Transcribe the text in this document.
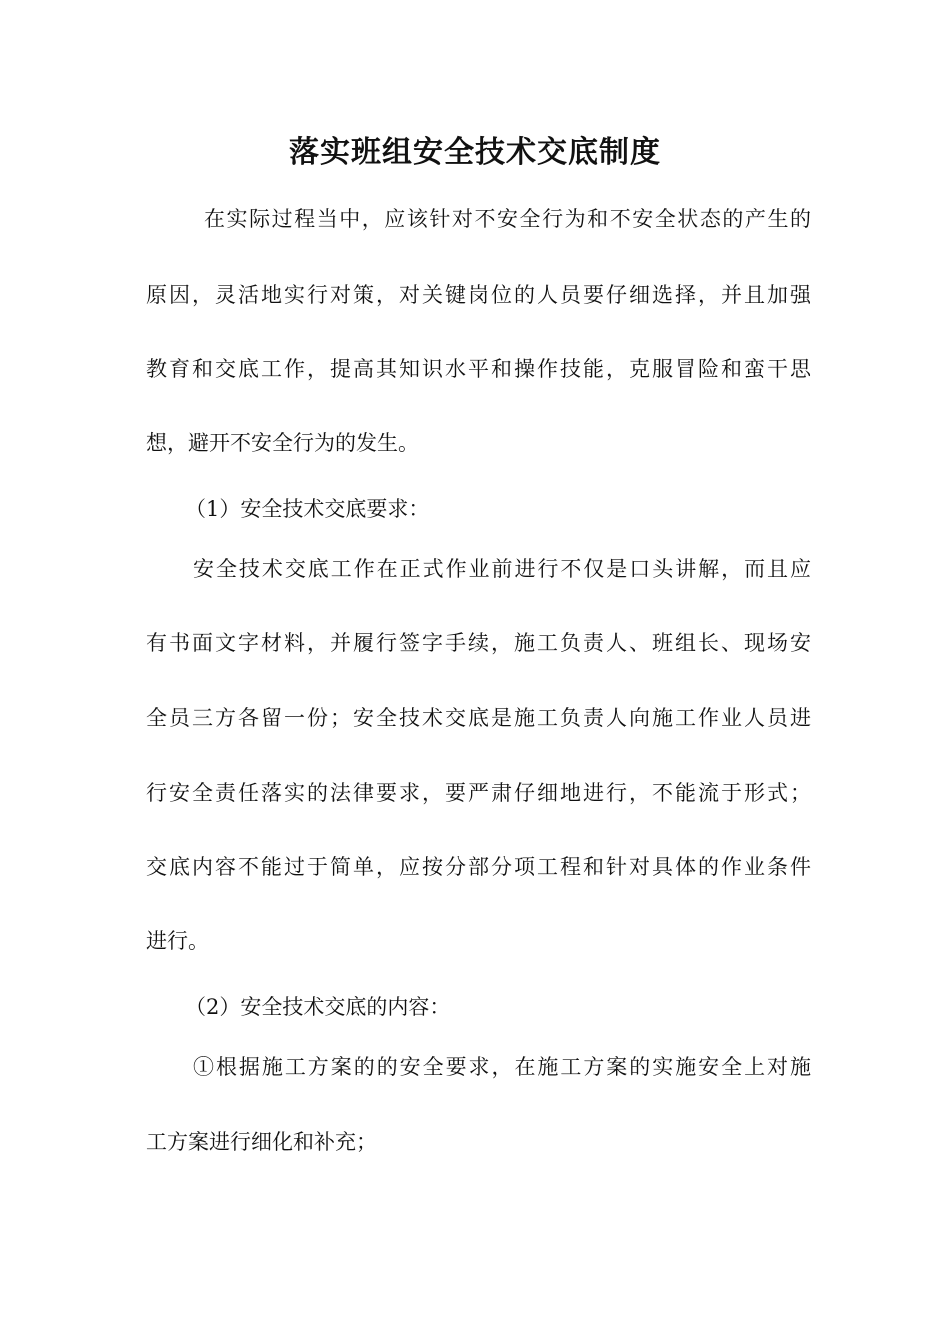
落实班组安全技术交底制度

在实际过程当中，应该针对不安全行为和不安全状态的产生的

原因，灵活地实行对策，对关键岗位的人员要仔细选择，并且加强

教育和交底工作，提高其知识水平和操作技能，克服冒险和蛮干思

想，避开不安全行为的发生。

（1）安全技术交底要求：

安全技术交底工作在正式作业前进行不仅是口头讲解，而且应

有书面文字材料，并履行签字手续，施工负责人、班组长、现场安

全员三方各留一份；安全技术交底是施工负责人向施工作业人员进

行安全责任落实的法律要求，要严肃仔细地进行，不能流于形式；

交底内容不能过于简单，应按分部分项工程和针对具体的作业条件

进行。

（2）安全技术交底的内容：

①根据施工方案的的安全要求，在施工方案的实施安全上对施

工方案进行细化和补充；
